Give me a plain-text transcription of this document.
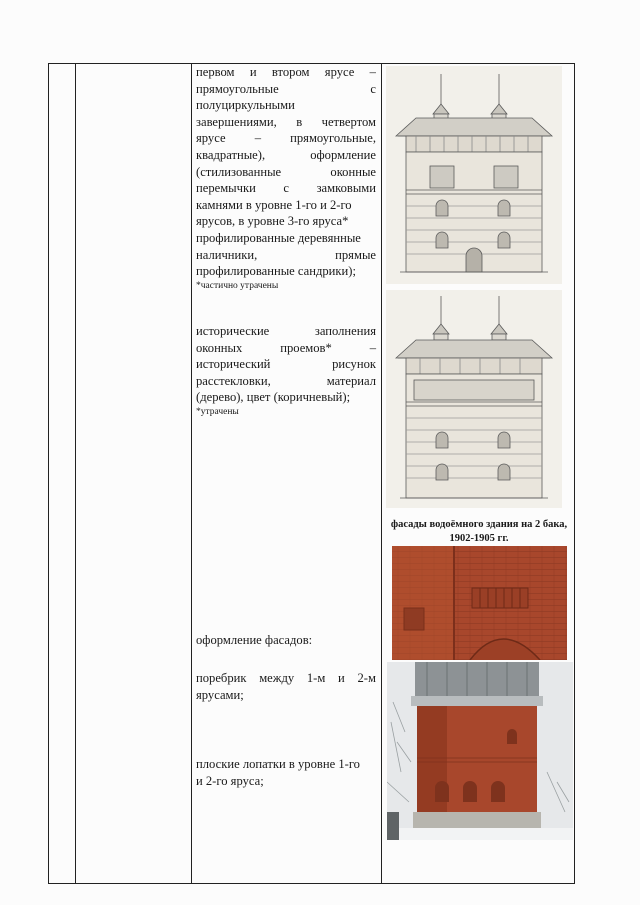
первом и втором ярусе –
прямоугольные	с
полуциркульными
завершениями, в четвертом
ярусе – прямоугольные,
квадратные),	оформление
(стилизованные	оконные
перемычки с замковыми
камнями в уровне 1-го и 2-го
ярусов, в уровне 3-го яруса*
профилированные деревянные
наличники,	прямые
профилированные сандрики);
*частично утрачены
исторические	заполнения
оконных	проемов*	–
исторический	рисунок
расстекловки,	материал
(дерево), цвет (коричневый);
*утрачены
оформление фасадов:
поребрик между 1-м и 2-м
ярусами;
плоские лопатки в уровне 1-го
и 2-го яруса;
фасады водоёмного здания на 2 бака,
1902-1905 гг.
